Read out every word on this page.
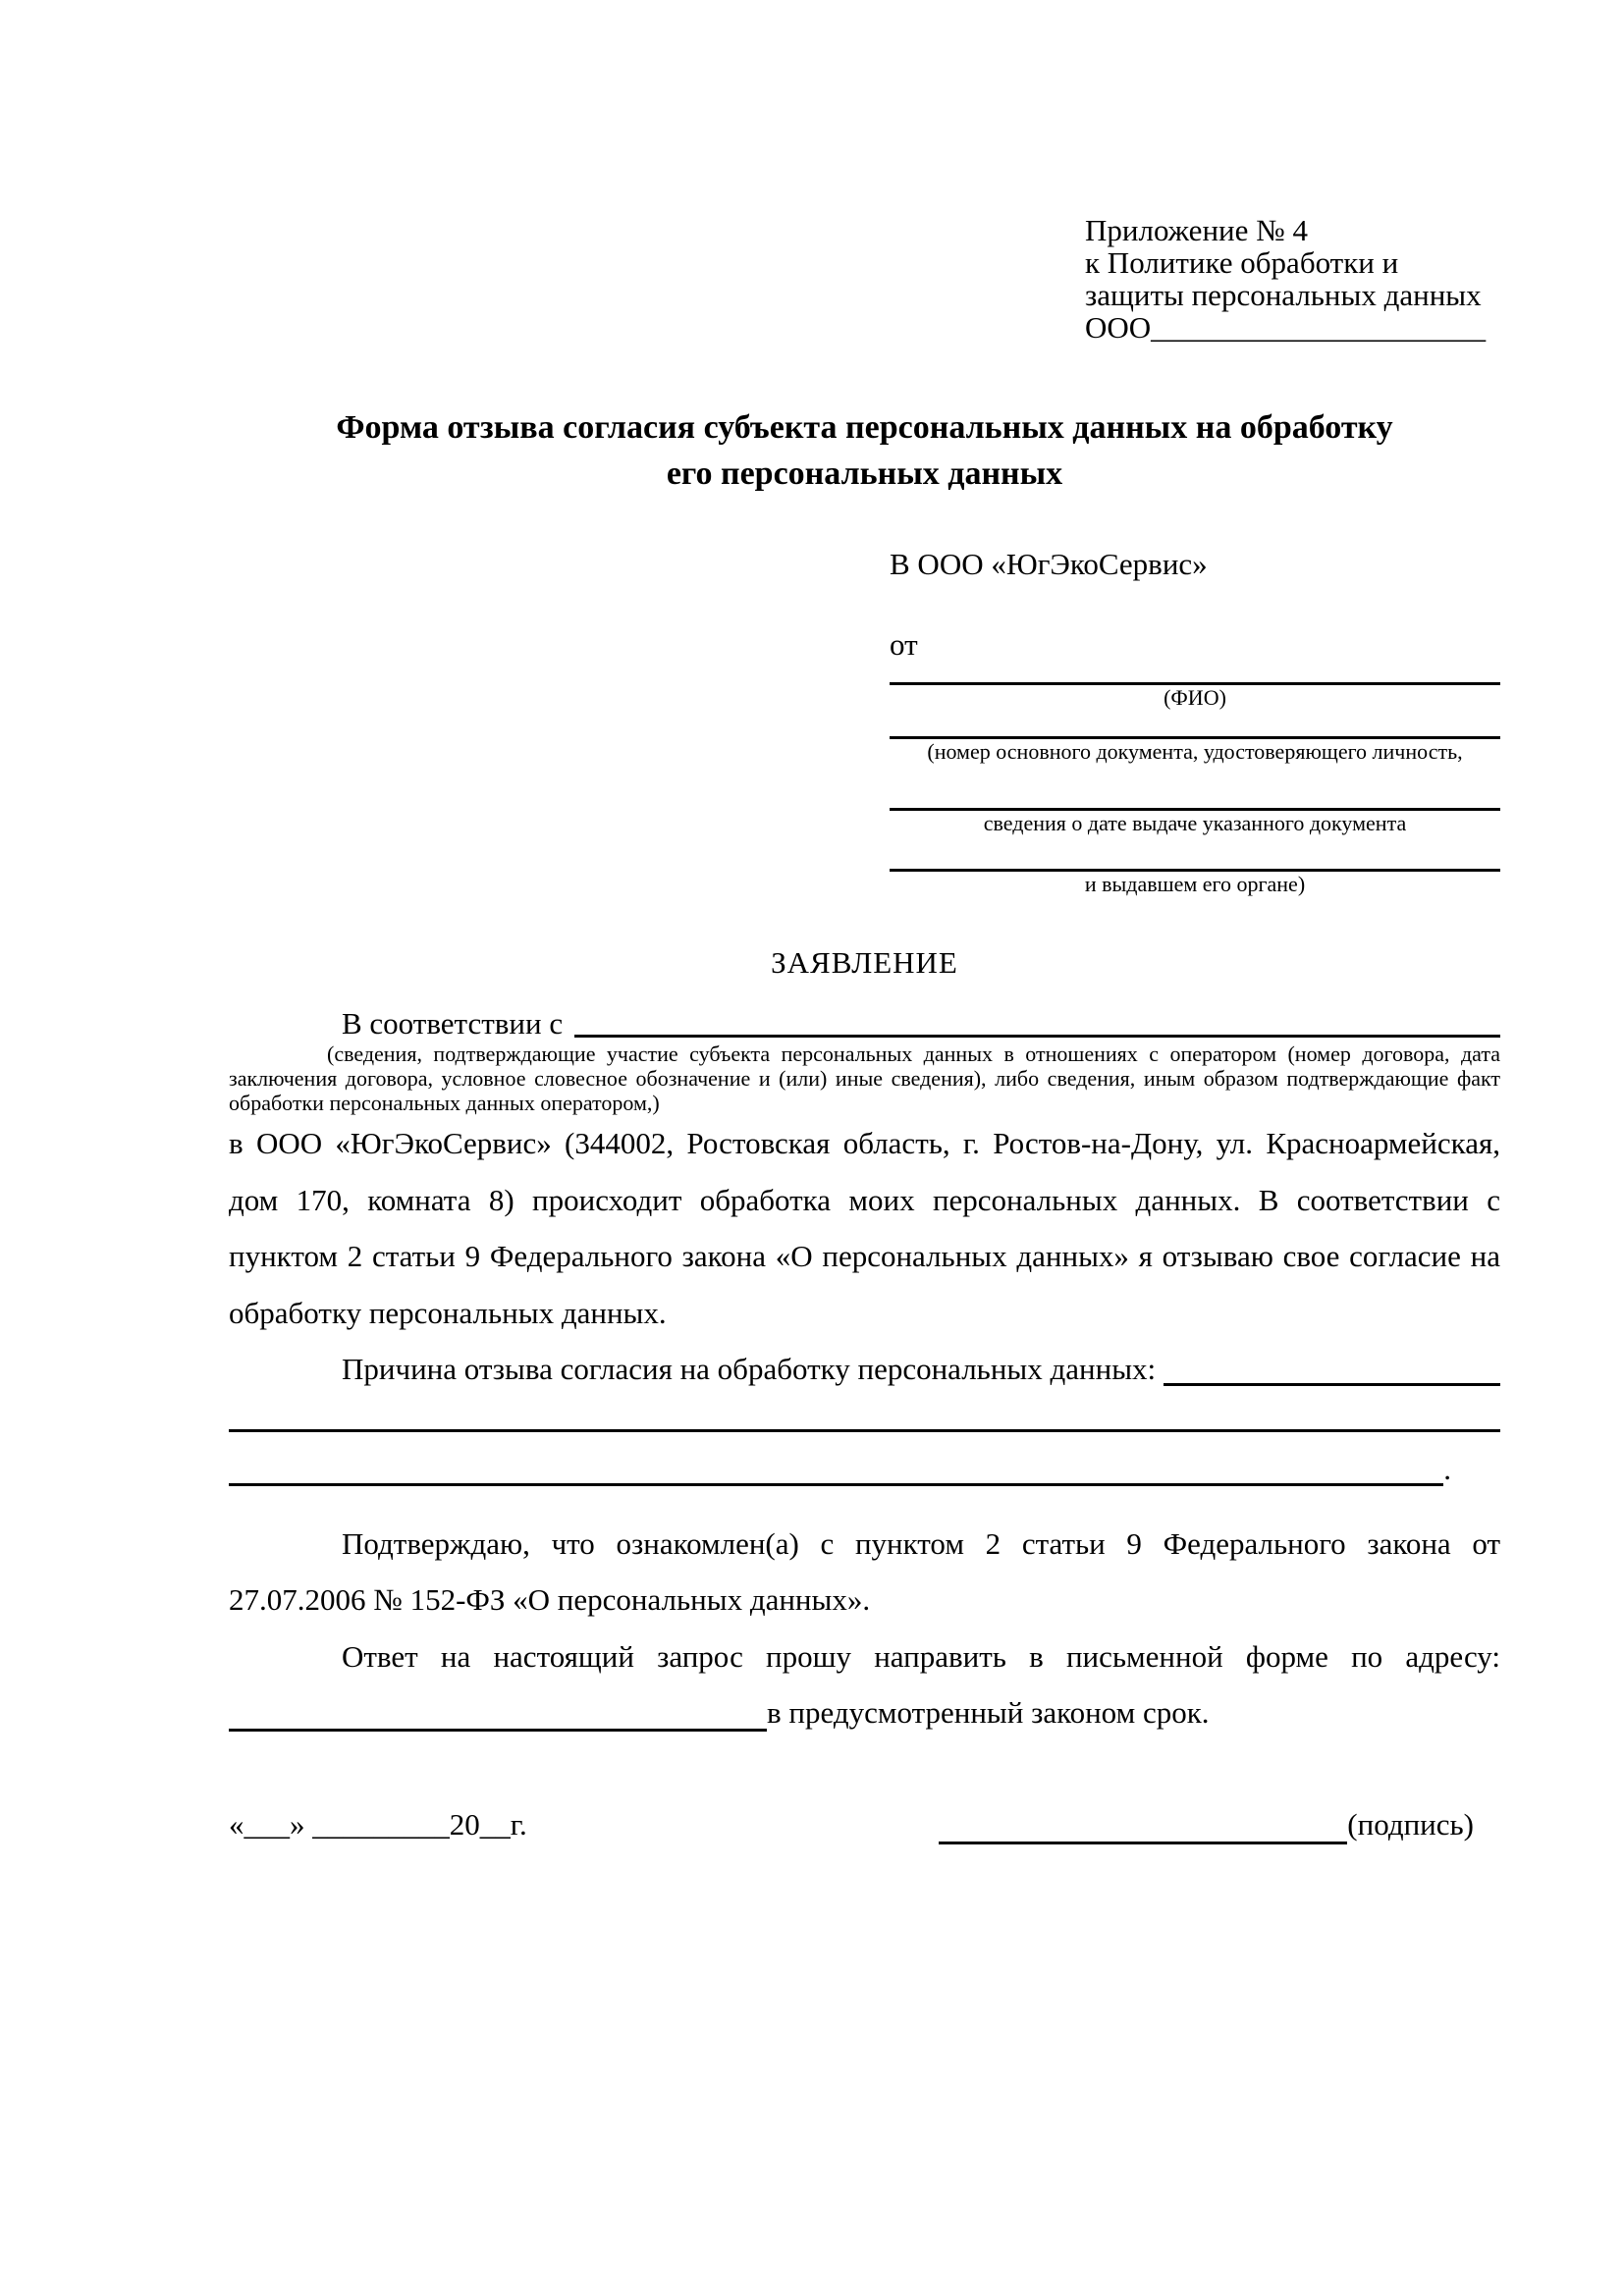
Приложение № 4
к Политике обработки и
защиты персональных данных
ООО______________________
Форма отзыва согласия субъекта персональных данных на обработку
его персональных данных
В ООО «ЮгЭкоСервис»
от
(ФИО)
(номер основного документа, удостоверяющего личность,
сведения о дате выдаче указанного документа
и выдавшем его органе)
ЗАЯВЛЕНИЕ
В соответствии с
(сведения, подтверждающие участие субъекта персональных данных в отношениях с оператором (номер договора, дата заключения договора, условное словесное обозначение и (или) иные сведения), либо сведения, иным образом подтверждающие факт обработки персональных данных оператором,)
в ООО «ЮгЭкоСервис» (344002, Ростовская область, г. Ростов-на-Дону, ул. Красноармейская, дом 170, комната 8) происходит обработка моих персональных данных. В соответствии с пунктом 2 статьи 9 Федерального закона «О персональных данных» я отзываю свое согласие на обработку персональных данных.
Причина отзыва согласия на обработку персональных данных:
.
Подтверждаю, что ознакомлен(а) с пунктом 2 статьи 9 Федерального закона от 27.07.2006 № 152-ФЗ «О персональных данных».
Ответ на настоящий запрос прошу направить в письменной форме по адресу:
в предусмотренный законом срок.
«___» _________20__г.	(подпись)
